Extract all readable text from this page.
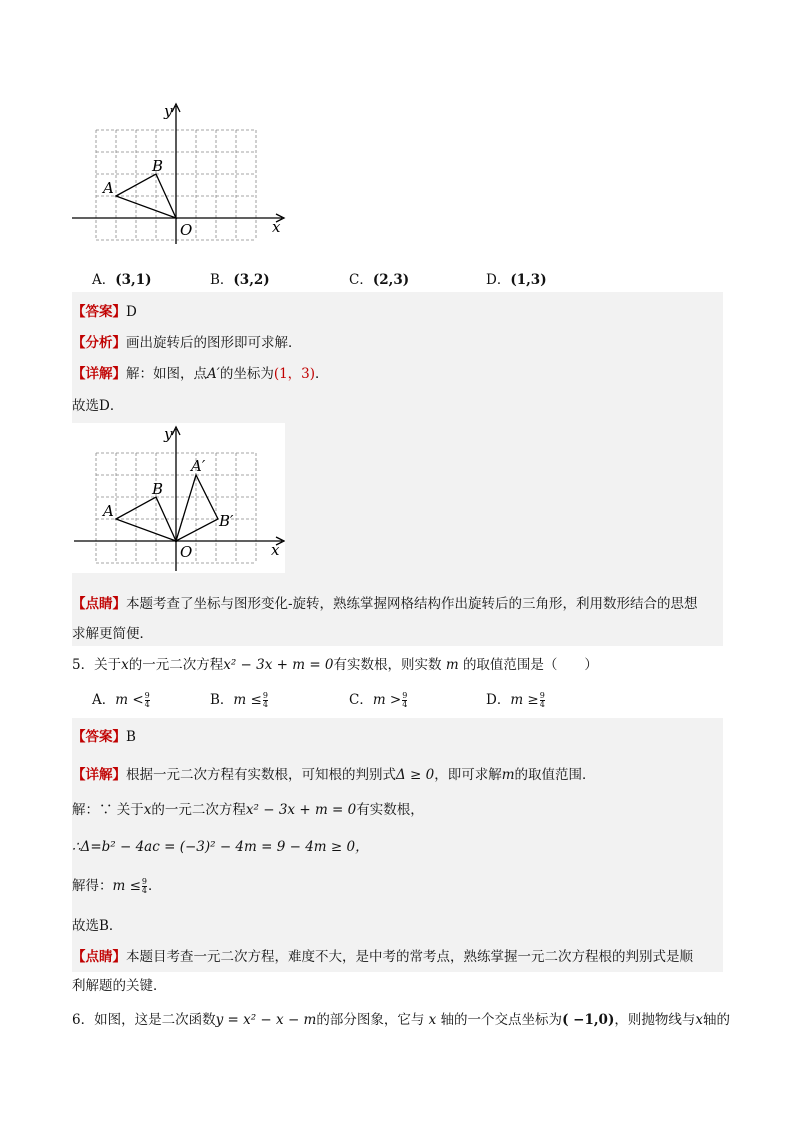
y
x
O
A
B
A．(3,1)	B．(3,2)	C．(2,3)	D．(1,3)
【答案】D
【分析】画出旋转后的图形即可求解．
【详解】解：如图，点A′的坐标为(1，3)．
故选D．
y
x
O
A
B
A′
B′
【点睛】本题考查了坐标与图形变化-旋转，熟练掌握网格结构作出旋转后的三角形，利用数形结合的思想
求解更简便．
5．关于x的一元二次方程x² − 3x + m = 0有实数根，则实数 m 的取值范围是（　　）
A．$m < \frac{9}{4}$	B．$m \le \frac{9}{4}$	C．$m > \frac{9}{4}$	D．$m \ge \frac{9}{4}$
【答案】B
【详解】根据一元二次方程有实数根，可知根的判别式Δ ≥ 0，即可求解m的取值范围．
解：∵ 关于x的一元二次方程x² − 3x + m = 0有实数根，
∴Δ=b² − 4ac = (−3)² − 4m = 9 − 4m ≥ 0，
解得：$m \le \frac{9}{4}$ ．
故选B．
【点睛】本题目考查一元二次方程，难度不大，是中考的常考点，熟练掌握一元二次方程根的判别式是顺
利解题的关键．
6．如图，这是二次函数y = x² − x − m的部分图象，它与 x 轴的一个交点坐标为( −1,0)，则抛物线与x轴的
